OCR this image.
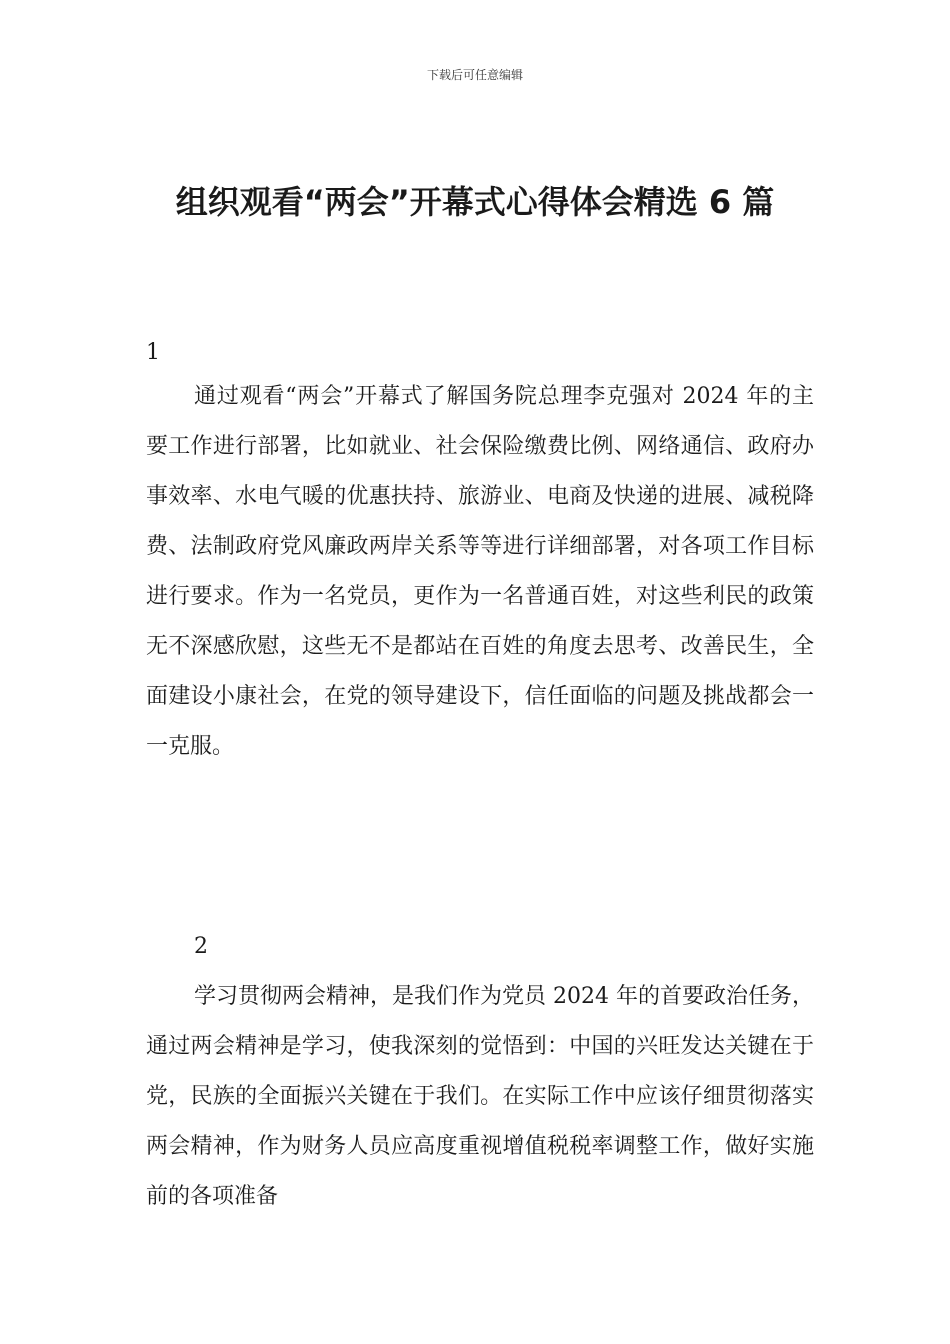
下载后可任意编辑
组织观看“两会”开幕式心得体会精选 6 篇
1

通过观看“两会”开幕式了解国务院总理李克强对 2024 年的主要工作进行部署，比如就业、社会保险缴费比例、网络通信、政府办事效率、水电气暖的优惠扶持、旅游业、电商及快递的进展、减税降费、法制政府党风廉政两岸关系等等进行详细部署，对各项工作目标进行要求。作为一名党员，更作为一名普通百姓，对这些利民的政策无不深感欣慰，这些无不是都站在百姓的角度去思考、改善民生，全面建设小康社会，在党的领导建设下，信任面临的问题及挑战都会一一克服。

2

学习贯彻两会精神，是我们作为党员 2024 年的首要政治任务，通过两会精神是学习，使我深刻的觉悟到：中国的兴旺发达关键在于党，民族的全面振兴关键在于我们。在实际工作中应该仔细贯彻落实两会精神，作为财务人员应高度重视增值税税率调整工作，做好实施前的各项准备
